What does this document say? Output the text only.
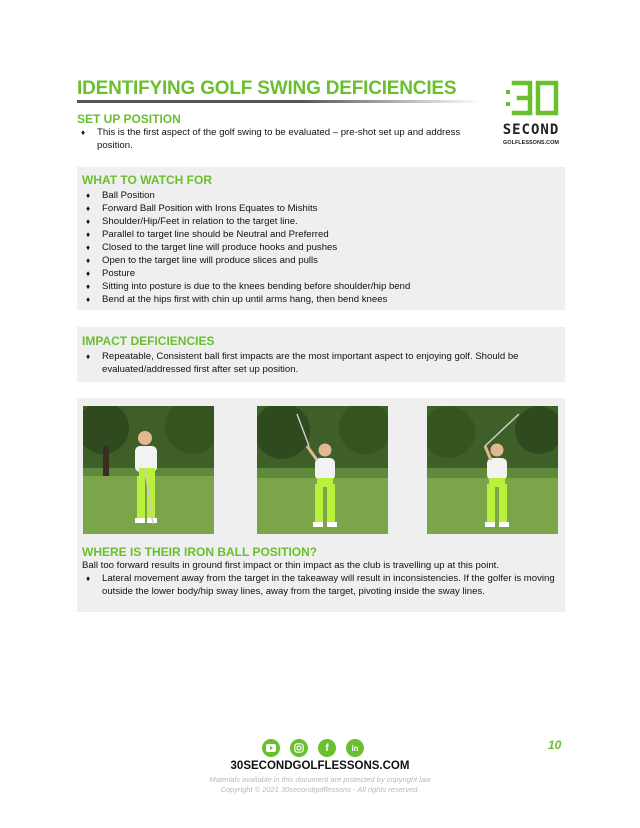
IDENTIFYING GOLF SWING DEFICIENCIES
SECOND
GOLFLESSONS.COM
SET UP POSITION
♦ This is the first aspect of the golf swing to be evaluated – pre-shot set up and address position.
WHAT TO WATCH FOR
♦ Ball Position
♦ Forward Ball Position with Irons Equates to Mishits
♦ Shoulder/Hip/Feet in relation to the target line.
♦ Parallel to target line should be Neutral and Preferred
♦ Closed to the target line will produce hooks and pushes
♦ Open to the target line will produce slices and pulls
♦ Posture
♦ Sitting into posture is due to the knees bending before shoulder/hip bend
♦ Bend at the hips first with chin up until arms hang, then bend knees
IMPACT DEFICIENCIES
♦ Repeatable, Consistent ball first impacts are the most important aspect to enjoying golf. Should be evaluated/addressed first after set up position.
WHERE IS THEIR IRON BALL POSITION?
Ball too forward results in ground first impact or thin impact as the club is travelling up at this point.
♦ Lateral movement away from the target in the takeaway will result in inconsistencies. If the golfer is moving outside the lower body/hip sway lines, away from the target, pivoting inside the sway lines.
10
f	in
30SECONDGOLFLESSONS.COM
Materials available in this document are protected by copyright law
Copyright © 2021 30secondgolflessons - All rights reserved.
